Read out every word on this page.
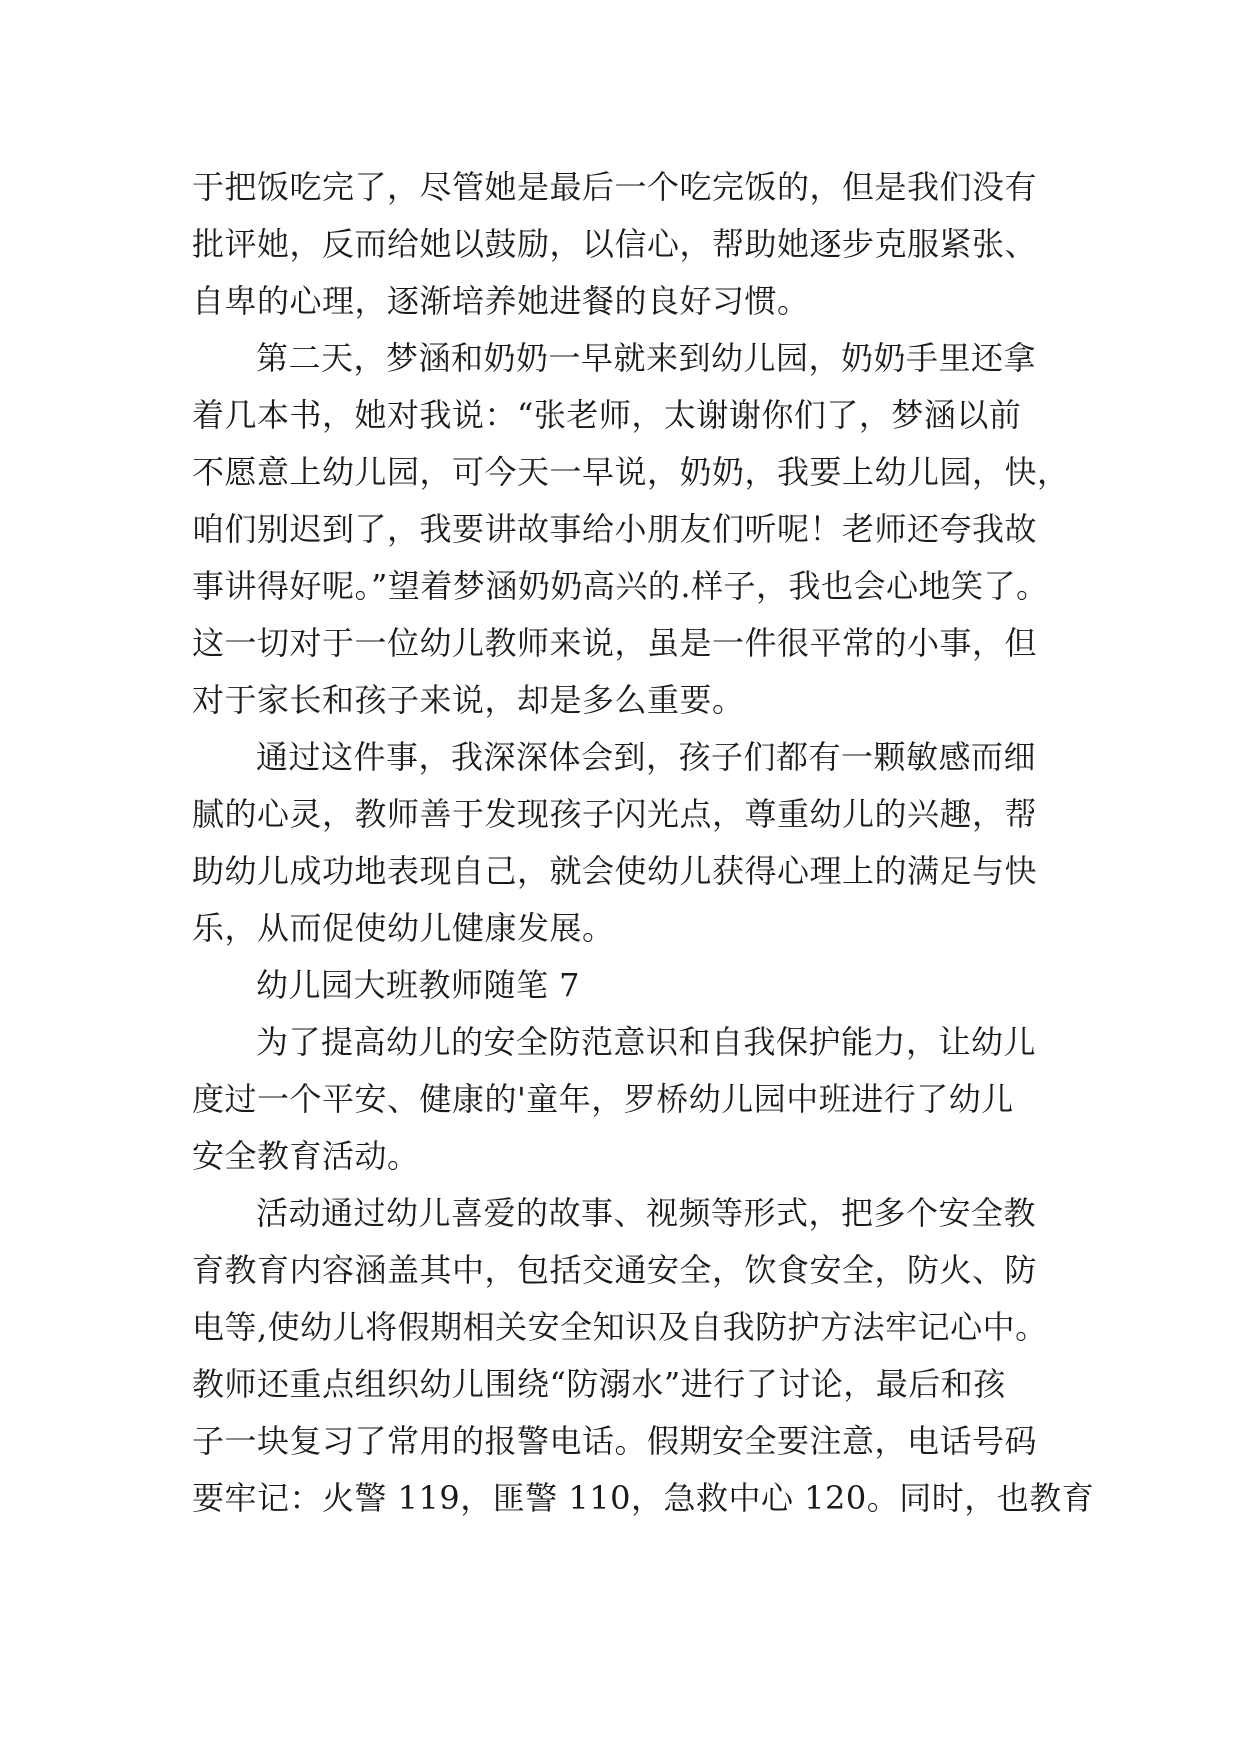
于把饭吃完了，尽管她是最后一个吃完饭的，但是我们没有
批评她，反而给她以鼓励，以信心，帮助她逐步克服紧张、
自卑的心理，逐渐培养她进餐的良好习惯。
第二天，梦涵和奶奶一早就来到幼儿园，奶奶手里还拿
着几本书，她对我说：“张老师，太谢谢你们了，梦涵以前
不愿意上幼儿园，可今天一早说，奶奶，我要上幼儿园，快，
咱们别迟到了，我要讲故事给小朋友们听呢！老师还夸我故
事讲得好呢。”望着梦涵奶奶高兴的.样子，我也会心地笑了。
这一切对于一位幼儿教师来说，虽是一件很平常的小事，但
对于家长和孩子来说，却是多么重要。
通过这件事，我深深体会到，孩子们都有一颗敏感而细
腻的心灵，教师善于发现孩子闪光点，尊重幼儿的兴趣，帮
助幼儿成功地表现自己，就会使幼儿获得心理上的满足与快
乐，从而促使幼儿健康发展。
幼儿园大班教师随笔 7
为了提高幼儿的安全防范意识和自我保护能力，让幼儿
度过一个平安、健康的'童年，罗桥幼儿园中班进行了幼儿
安全教育活动。
活动通过幼儿喜爱的故事、视频等形式，把多个安全教
育教育内容涵盖其中，包括交通安全，饮食安全，防火、防
电等,使幼儿将假期相关安全知识及自我防护方法牢记心中。
教师还重点组织幼儿围绕“防溺水”进行了讨论，最后和孩
子一块复习了常用的报警电话。假期安全要注意，电话号码
要牢记：火警 119，匪警 110，急救中心 120。同时，也教育
